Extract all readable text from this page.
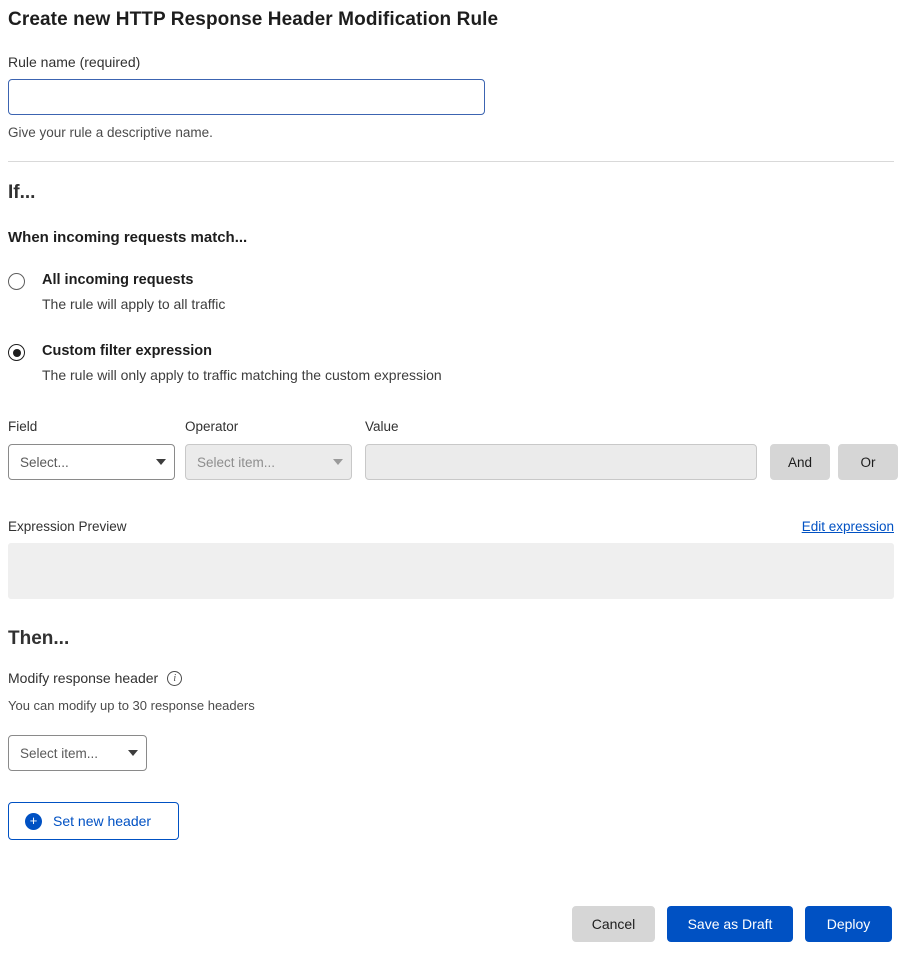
Create new HTTP Response Header Modification Rule
Rule name (required)
Give your rule a descriptive name.
If...
When incoming requests match...
All incoming requests
The rule will apply to all traffic
Custom filter expression
The rule will only apply to traffic matching the custom expression
Field
Select...
Operator
Select item...
Value
And	Or
Expression Preview	Edit expression
Then...
Modify response header	i
You can modify up to 30 response headers
Select item...
+	Set new header
Cancel	Save as Draft	Deploy
